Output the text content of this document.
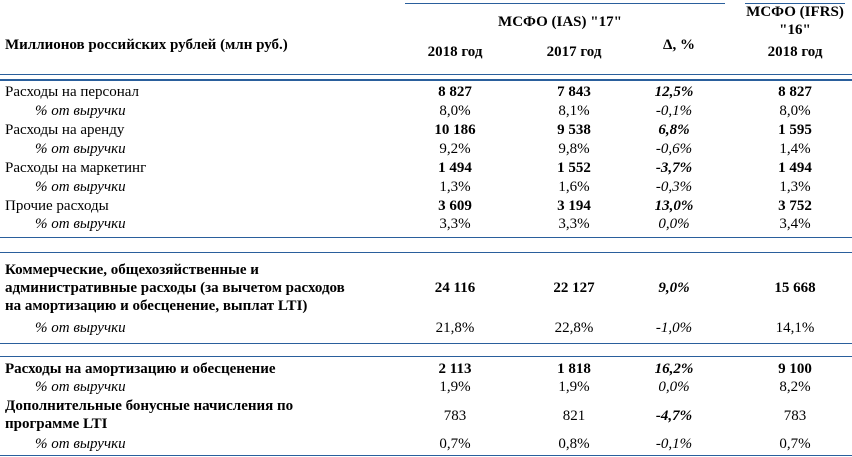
МСФО (IAS) "17"
МСФО (IFRS)
"16"
Миллионов российских рублей (млн руб.)	2018 год	2017 год	Δ, %	2018 год
Расходы на персонал	8 827	7 843	12,5%	8 827
% от выручки	8,0%	8,1%	-0,1%	8,0%
Расходы на аренду	10 186	9 538	6,8%	1 595
% от выручки	9,2%	9,8%	-0,6%	1,4%
Расходы на маркетинг	1 494	1 552	-3,7%	1 494
% от выручки	1,3%	1,6%	-0,3%	1,3%
Прочие расходы	3 609	3 194	13,0%	3 752
% от выручки	3,3%	3,3%	0,0%	3,4%
Коммерческие, общехозяйственные и
административные расходы (за вычетом расходов
на амортизацию и обесценение, выплат LTI)
24 116	22 127	9,0%	15 668
% от выручки	21,8%	22,8%	-1,0%	14,1%
Расходы на амортизацию и обесценение	2 113	1 818	16,2%	9 100
% от выручки	1,9%	1,9%	0,0%	8,2%
Дополнительные бонусные начисления по
программе LTI	783	821	-4,7%	783
% от выручки	0,7%	0,8%	-0,1%	0,7%
